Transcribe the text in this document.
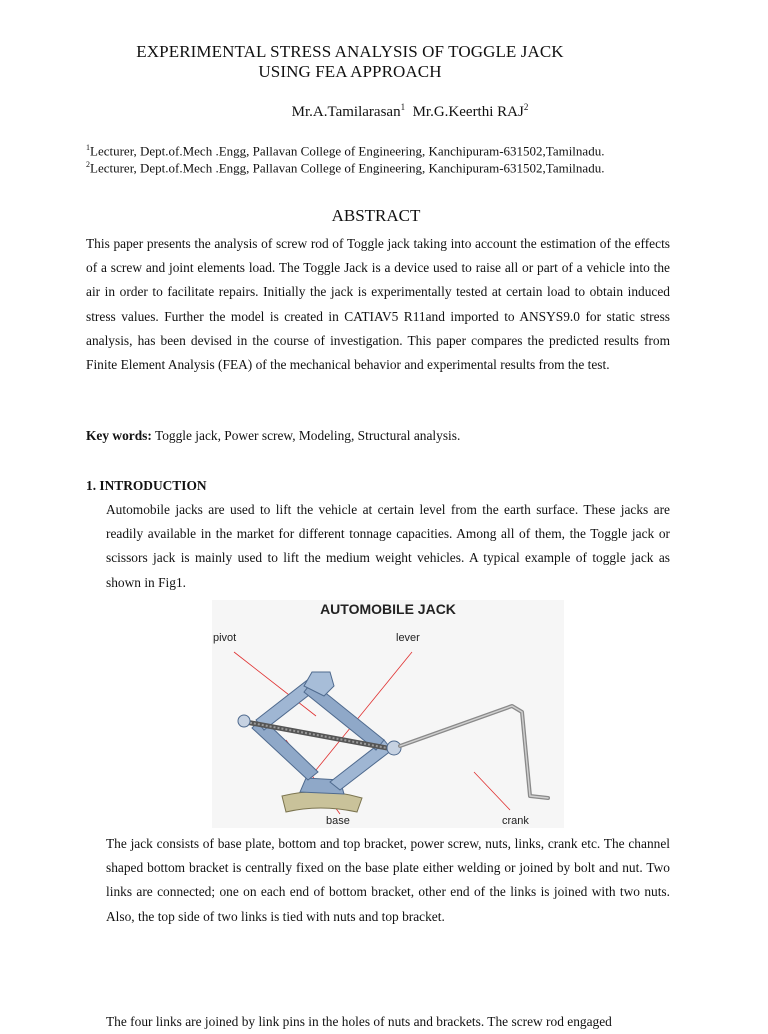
EXPERIMENTAL STRESS ANALYSIS OF TOGGLE JACK
USING FEA APPROACH
Mr.A.Tamilarasan$^1$ Mr.G.Keerthi RAJ$^2$
$^1$Lecturer, Dept.of.Mech .Engg, Pallavan College of Engineering, Kanchipuram-631502,Tamilnadu.
$^2$Lecturer, Dept.of.Mech .Engg, Pallavan College of Engineering, Kanchipuram-631502,Tamilnadu.
ABSTRACT
This paper presents the analysis of screw rod of Toggle jack taking into account the estimation of the effects of a screw and joint elements load. The Toggle Jack is a device used to raise all or part of a vehicle into the air in order to facilitate repairs. Initially the jack is experimentally tested at certain load to obtain induced stress values. Further the model is created in CATIAV5 R11and imported to ANSYS9.0 for static stress analysis, has been devised in the course of investigation. This paper compares the predicted results from Finite Element Analysis (FEA) of the mechanical behavior and experimental results from the test.
Key words: Toggle jack, Power screw, Modeling, Structural analysis.
1. INTRODUCTION
Automobile jacks are used to lift the vehicle at certain level from the earth surface. These jacks are readily available in the market for different tonnage capacities. Among all of them, the Toggle jack or scissors jack is mainly used to lift the medium weight vehicles. A typical example of toggle jack as shown in Fig1.
AUTOMOBILE JACK
pivot	lever
base	crank
The jack consists of base plate, bottom and top bracket, power screw, nuts, links, crank etc. The channel shaped bottom bracket is centrally fixed on the base plate either welding or joined by bolt and nut. Two links are connected; one on each end of bottom bracket, other end of the links is joined with two nuts. Also, the top side of two links is tied with nuts and top bracket.
The four links are joined by link pins in the holes of nuts and brackets. The screw rod engaged
